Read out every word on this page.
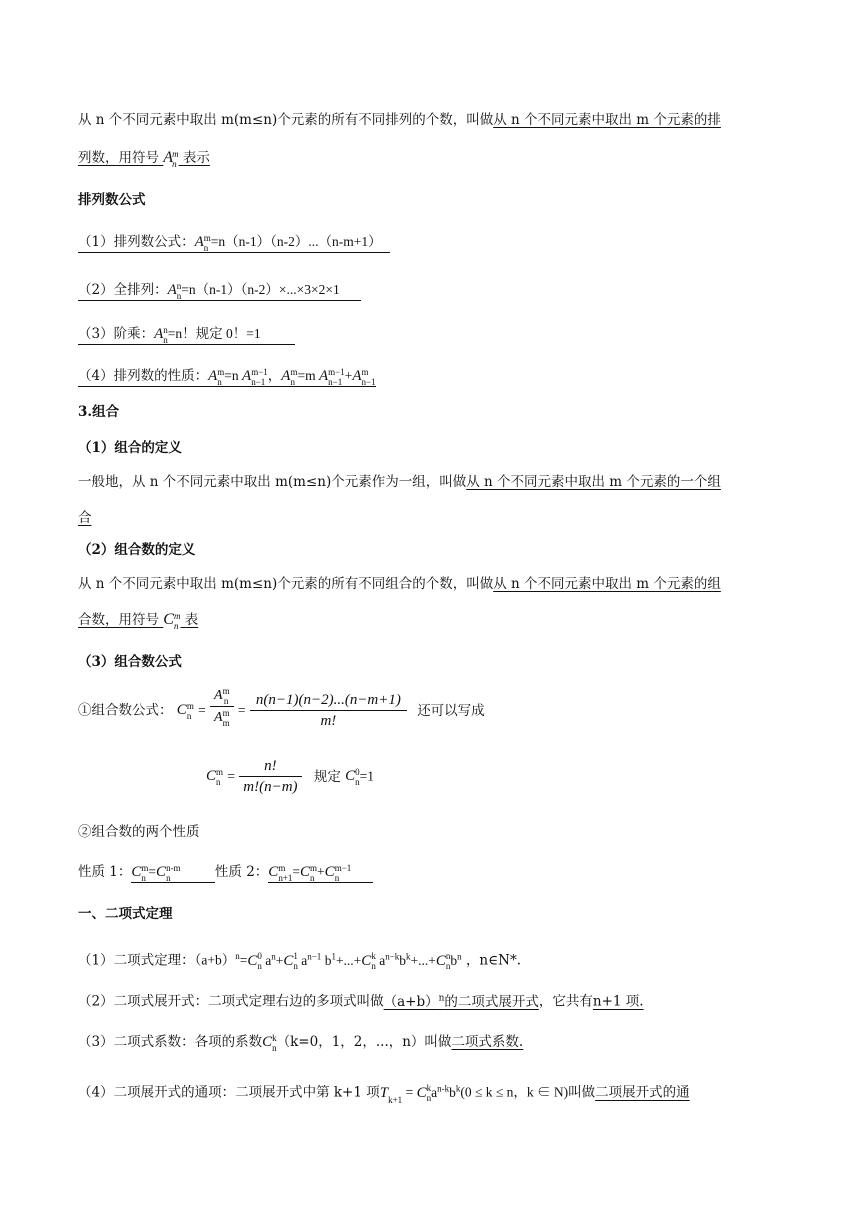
从 n 个不同元素中取出 m(m≤n)个元素的所有不同排列的个数，叫做从 n 个不同元素中取出 m 个元素的排
列数，用符号 A m
n 表示
排列数公式
（1）排列数公式：A m
n =n（n-1）（n-2）...（n-m+1）
（2）全排列：A n
n =n（n-1）（n-2）×...×3×2×1
（3）阶乘：A n
n =n！规定 0！=1
（4）排列数的性质：A m
n =n A m−1
n−1 ，A m
n =m A m−1
n−1 +A m
n−1
3.组合
（1）组合的定义
一般地，从 n 个不同元素中取出 m(m≤n)个元素作为一组，叫做从 n 个不同元素中取出 m 个元素的一个组
合
（2）组合数的定义
从 n 个不同元素中取出 m(m≤n)个元素的所有不同组合的个数，叫做从 n 个不同元素中取出 m 个元素的组
合数，用符号 C m
n 表
（3）组合数公式
①组合数公式： C m
n = A m
n
A m
$m = \frac{n(n-1)(n-2)...(n-m+1)}{m!}$ 还可以写成
C m
$n = \frac{n!}{m!(n-m)}$ 规定 C 0
n =1
②组合数的两个性质
性质 1：C m
n =C n-m
n	性质 2：C m
n+1 =C m
n +C m−1
n

一、二项式定理
（1）二项式定理：$(a+b)^n=C$ 0
n $a^n+C$ 1
n $a^{n-1}$ $b^1+...+C$ k
n $a^{n-k}b^k+...+C$ n
n $b^n$ ，n∈N*.
（2）二项式展开式：二项式定理右边的多项式叫做$(a+b)^n$的二项式展开式，它共有n+1 项.
（3）二项式系数：各项的系数C k
n （k=0，1，2，...，n）叫做二项式系数.
（4）二项展开式的通项：二项展开式中第 k+1 项Tk+1 = C k
n $a^{n-k}b^k(0 \le k \le n$，k ∈ N)叫做二项展开式的通
